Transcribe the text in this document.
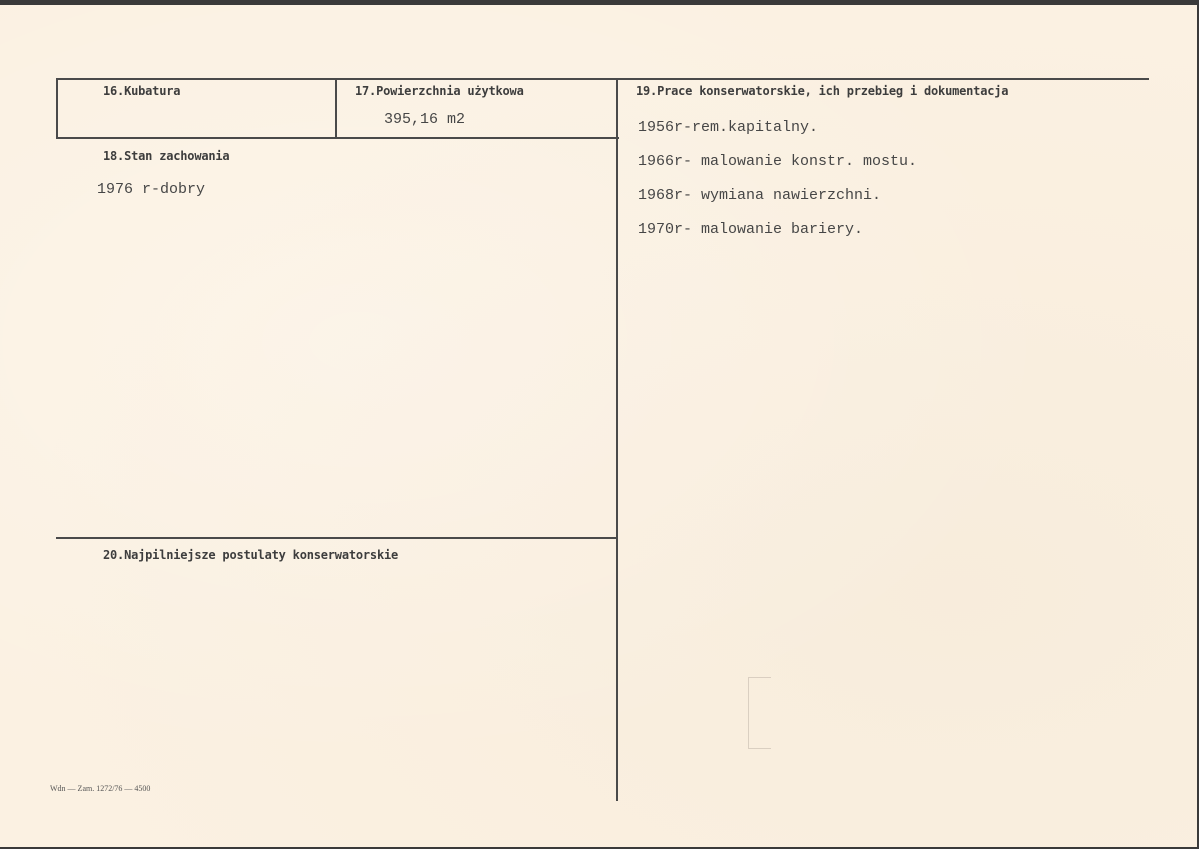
16.Kubatura	17.Powierzchnia użytkowa
395,16 m2
18.Stan zachowania
1976 r-dobry
19.Prace konserwatorskie, ich przebieg i dokumentacja
1956r-rem.kapitalny.
1966r- malowanie konstr. mostu.
1968r- wymiana nawierzchni.
1970r- malowanie bariery.
20.Najpilniejsze postulaty konserwatorskie
Wdn — Zam. 1272/76 — 4500
